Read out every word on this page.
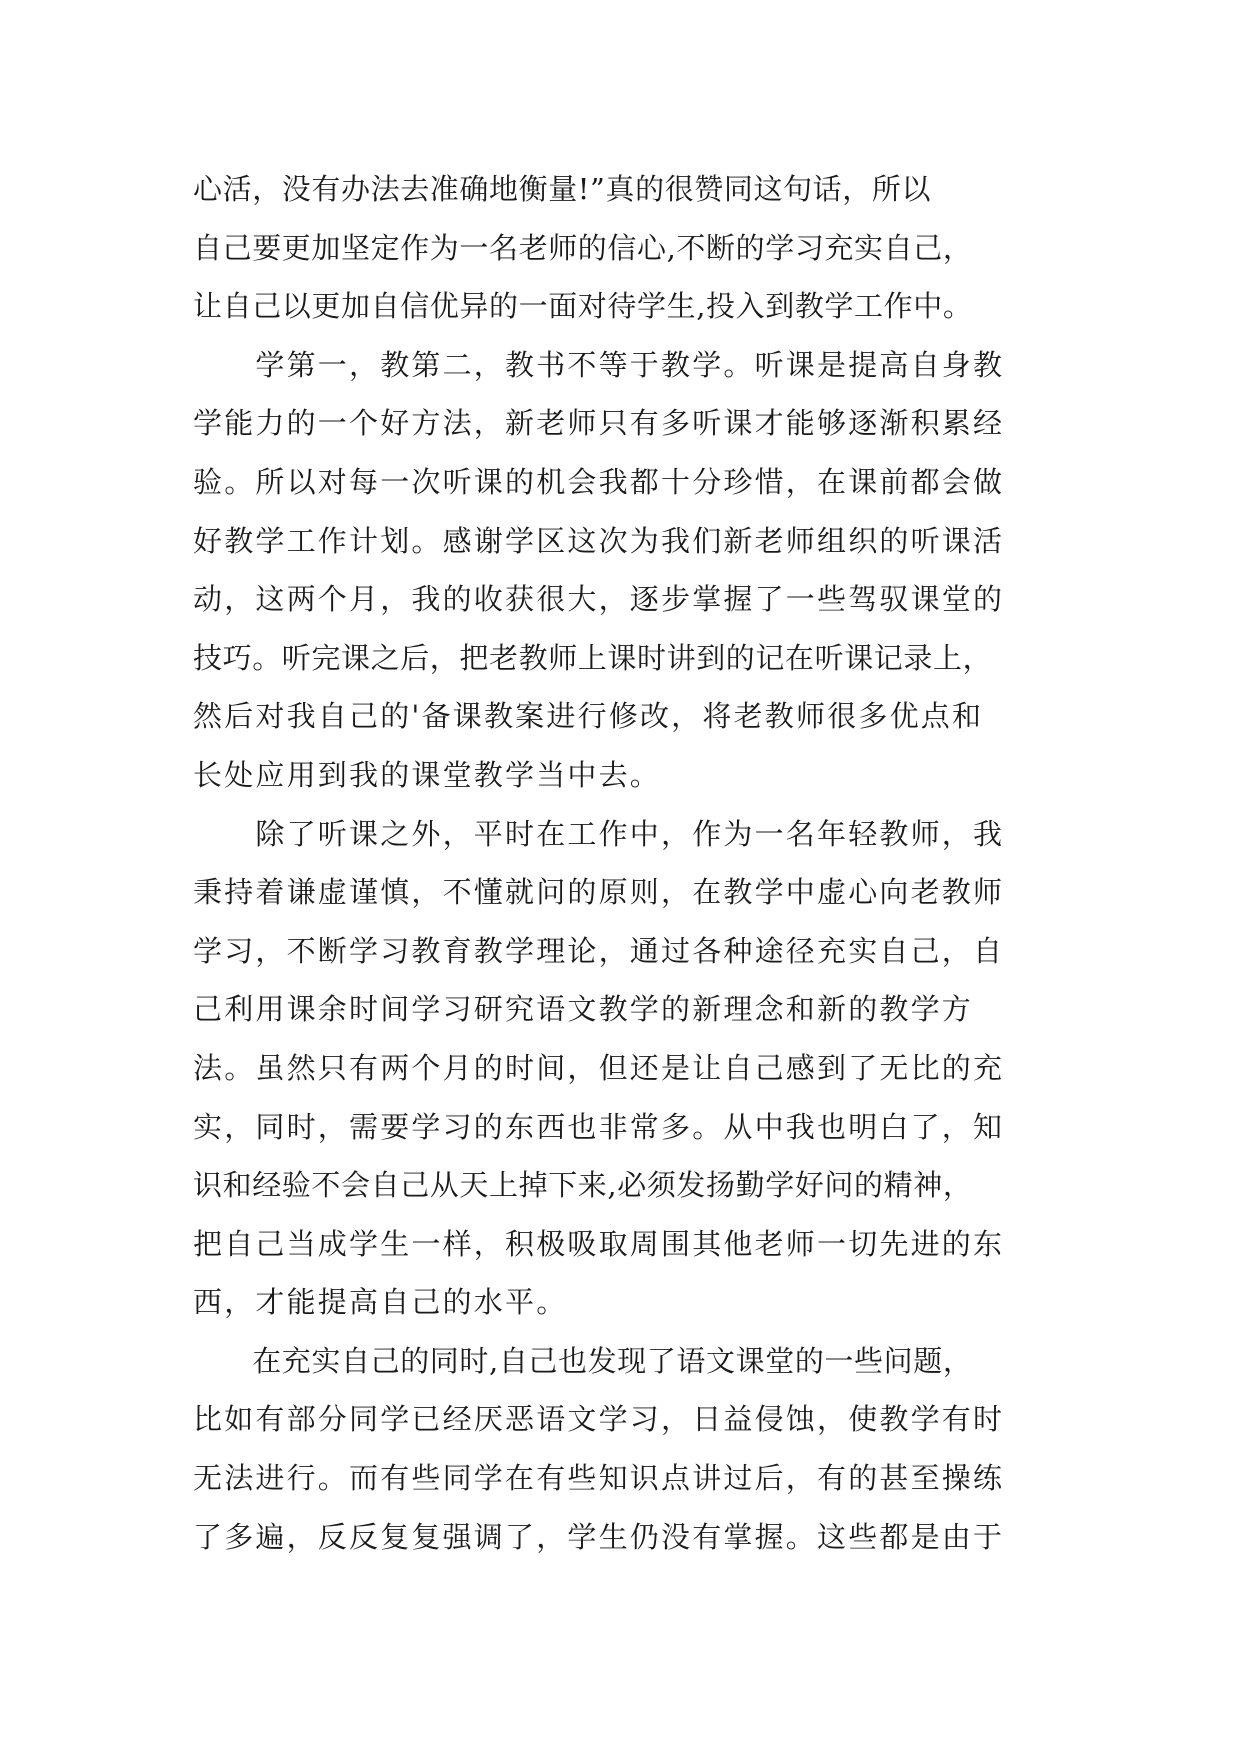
心活，没有办法去准确地衡量!”真的很赞同这句话，所以
自己要更加坚定作为一名老师的信心,不断的学习充实自己，
让自己以更加自信优异的一面对待学生,投入到教学工作中。
　　学第一，教第二，教书不等于教学。听课是提高自身教
学能力的一个好方法，新老师只有多听课才能够逐渐积累经
验。所以对每一次听课的机会我都十分珍惜，在课前都会做
好教学工作计划。感谢学区这次为我们新老师组织的听课活
动，这两个月，我的收获很大，逐步掌握了一些驾驭课堂的
技巧。听完课之后，把老教师上课时讲到的记在听课记录上，
然后对我自己的'备课教案进行修改，将老教师很多优点和
长处应用到我的课堂教学当中去。
　　除了听课之外，平时在工作中，作为一名年轻教师，我
秉持着谦虚谨慎，不懂就问的原则，在教学中虚心向老教师
学习，不断学习教育教学理论，通过各种途径充实自己，自
己利用课余时间学习研究语文教学的新理念和新的教学方
法。虽然只有两个月的时间，但还是让自己感到了无比的充
实，同时，需要学习的东西也非常多。从中我也明白了，知
识和经验不会自己从天上掉下来,必须发扬勤学好问的精神，
把自己当成学生一样，积极吸取周围其他老师一切先进的东
西，才能提高自己的水平。
　　在充实自己的同时,自己也发现了语文课堂的一些问题，
比如有部分同学已经厌恶语文学习，日益侵蚀，使教学有时
无法进行。而有些同学在有些知识点讲过后，有的甚至操练
了多遍，反反复复强调了，学生仍没有掌握。这些都是由于
